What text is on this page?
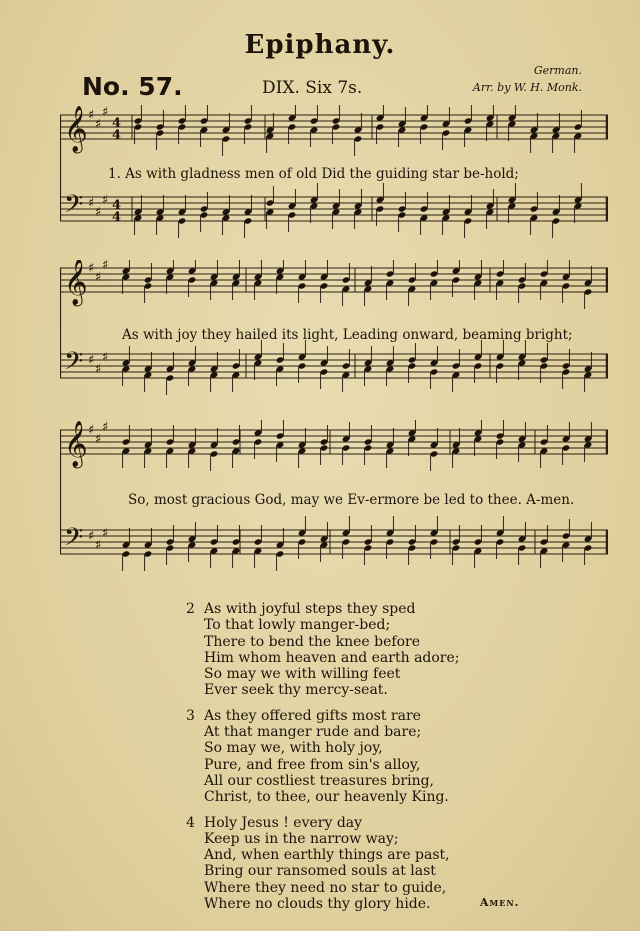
Epiphany.
No. 57.	DIX. Six 7s.
German.
Arr. by W. H. Monk.
𝄞 ♯
♯
♯
4
4
𝄢 ♯
♯
♯ 4
4
1. As with gladness men of old Did the guiding star be-hold;
𝄞 ♯
♯
♯
𝄢 ♯
♯
♯
As with joy they hailed its light, Leading onward, beaming bright;
𝄞 ♯
♯
♯
𝄢 ♯
♯
♯
So, most gracious God, may we Ev-ermore be led to thee. A-men.
2 As with joyful steps they sped
To that lowly manger-bed;
There to bend the knee before
Him whom heaven and earth adore;
So may we with willing feet
Ever seek thy mercy-seat.
3 As they offered gifts most rare
At that manger rude and bare;
So may we, with holy joy,
Pure, and free from sin's alloy,
All our costliest treasures bring,
Christ, to thee, our heavenly King.
4 Holy Jesus ! every day
Keep us in the narrow way;
And, when earthly things are past,
Bring our ransomed souls at last
Where they need no star to guide,
Where no clouds thy glory hide.	Amen.
